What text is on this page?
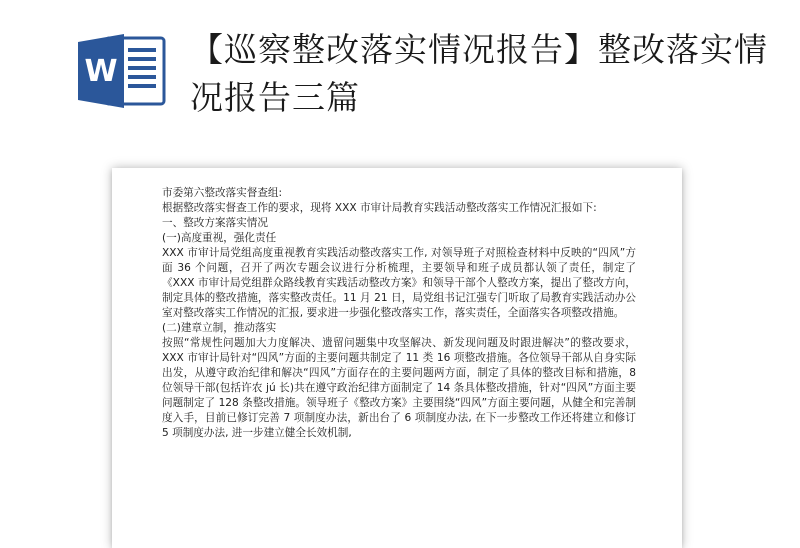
W
【巡察整改落实情况报告】整改落实情况报告三篇

市委第六整改落实督查组:

根据整改落实督查工作的要求，现将 XXX 市审计局教育实践活动整改落实工作情况汇报如下:

一、整改方案落实情况

(一)高度重视，强化责任

XXX 市审计局党组高度重视教育实践活动整改落实工作, 对领导班子对照检查材料中反映的“四风”方面 36 个问题，召开了两次专题会议进行分析梳理，主要领导和班子成员都认领了责任，制定了《XXX 市审计局党组群众路线教育实践活动整改方案》和领导干部个人整改方案，提出了整改方向，制定具体的整改措施，落实整改责任。11 月 21 日，局党组书记江强专门听取了局教育实践活动办公室对整改落实工作情况的汇报, 要求进一步强化整改落实工作，落实责任，全面落实各项整改措施。

(二)建章立制，推动落实

按照“常规性问题加大力度解决、遗留问题集中攻坚解决、新发现问题及时跟进解决”的整改要求，XXX 市审计局针对“四风”方面的主要问题共制定了 11 类 16 项整改措施。各位领导干部从自身实际出发，从遵守政治纪律和解决“四风”方面存在的主要问题两方面，制定了具体的整改目标和措施，8 位领导干部(包括许农 jú 长)共在遵守政治纪律方面制定了 14 条具体整改措施，针对“四风”方面主要问题制定了 128 条整改措施。领导班子《整改方案》主要围绕“四风”方面主要问题，从健全和完善制度入手，目前已修订完善 7 项制度办法，新出台了 6 项制度办法, 在下一步整改工作还将建立和修订 5 项制度办法, 进一步建立健全长效机制,
